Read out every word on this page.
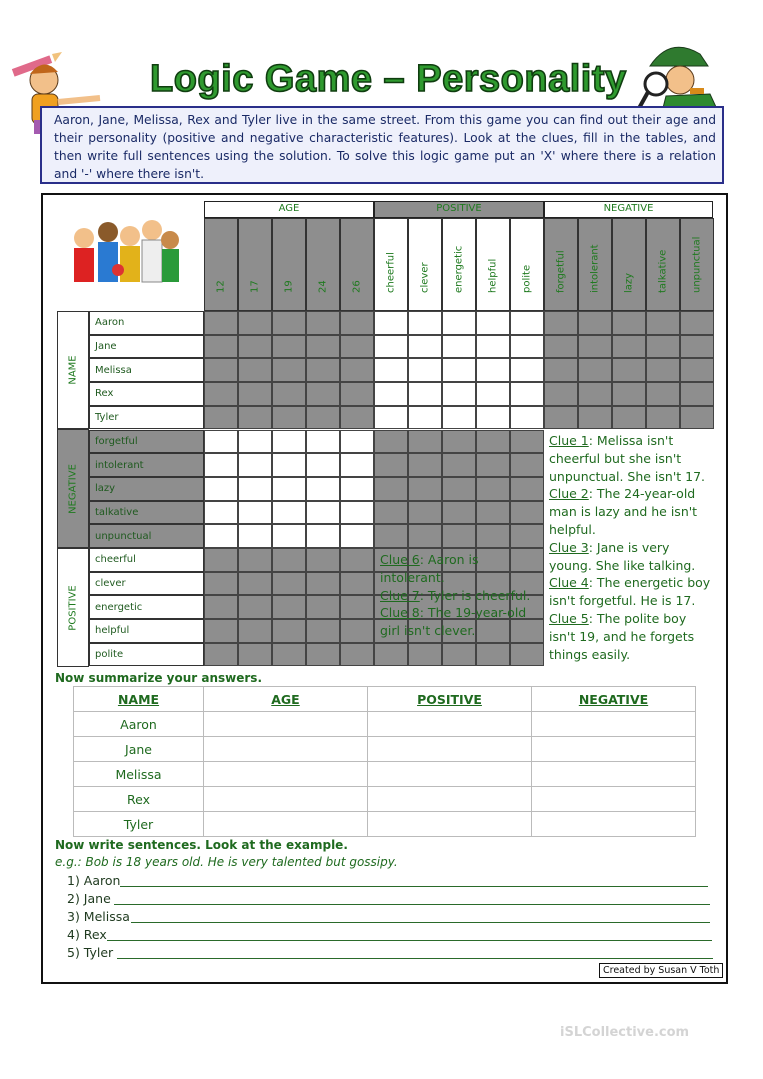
Logic Game – Personality
Aaron, Jane, Melissa, Rex and Tyler live in the same street. From this game you can find out their age and their personality (positive and negative characteristic features). Look at the clues, fill in the tables, and then write full sentences using the solution. To solve this logic game put an 'X' where there is a relation and '-' where there isn't.
AGE	POSITIVE	NEGATIVE
12 17 19 24 26 cheerful clever energetic helpful polite forgetful intolerant lazy talkative unpunctual
NAME
NEGATIVE
POSITIVE
Aaron
Jane
Melissa
Rex
Tyler
forgetful
intolerant
lazy
talkative
unpunctual
cheerful
clever
energetic
helpful
polite
Clue 1: Melissa isn't cheerful but she isn't unpunctual. She isn't 17.
Clue 2: The 24-year-old man is lazy and he isn't helpful.
Clue 3: Jane is very young. She like talking.
Clue 4: The energetic boy isn't forgetful. He is 17.
Clue 5: The polite boy isn't 19, and he forgets things easily.
Clue 6: Aaron is intolerant.
Clue 7: Tyler is cheerful.
Clue 8: The 19-year-old girl isn't clever.
Now summarize your answers.
NAME	AGE	POSITIVE	NEGATIVE
Aaron			
Jane			
Melissa			
Rex			
Tyler			
Now write sentences. Look at the example.
e.g.: Bob is 18 years old. He is very talented but gossipy.
1) Aaron
2) Jane
3) Melissa
4) Rex
5) Tyler
Created by Susan V Toth
iSLCollective.com
